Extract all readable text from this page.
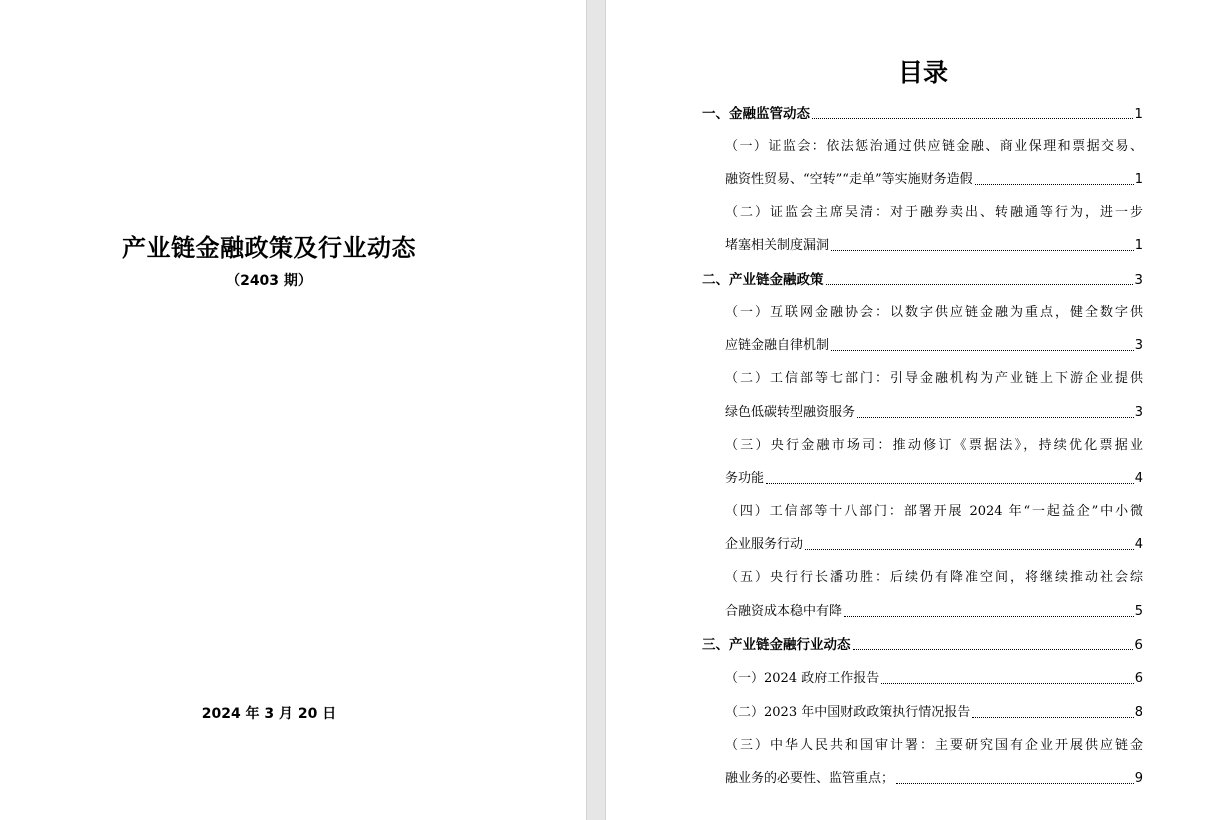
产业链金融政策及行业动态
（2403 期）
2024 年 3 月 20 日
目录
一、金融监管动态	1
（一）证监会：依法惩治通过供应链金融、商业保理和票据交易、
融资性贸易、“空转”“走单”等实施财务造假	1
（二）证监会主席吴清：对于融券卖出、转融通等行为，进一步
堵塞相关制度漏洞	1
二、产业链金融政策	3
（一）互联网金融协会：以数字供应链金融为重点，健全数字供
应链金融自律机制	3
（二）工信部等七部门：引导金融机构为产业链上下游企业提供
绿色低碳转型融资服务	3
（三）央行金融市场司：推动修订《票据法》，持续优化票据业
务功能	4
（四）工信部等十八部门：部署开展 2024 年“一起益企”中小微
企业服务行动	4
（五）央行行长潘功胜：后续仍有降准空间，将继续推动社会综
合融资成本稳中有降	5
三、产业链金融行业动态	6
（一）2024 政府工作报告	6
（二）2023 年中国财政政策执行情况报告	8
（三）中华人民共和国审计署：主要研究国有企业开展供应链金
融业务的必要性、监管重点；	9
